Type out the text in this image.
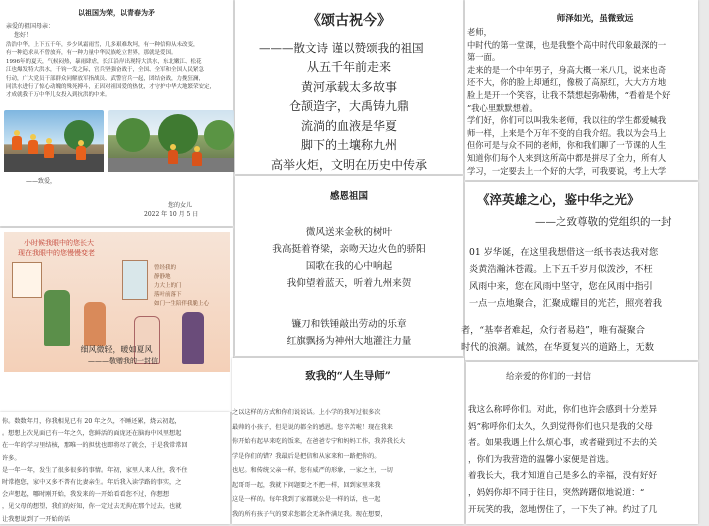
以祖国为荣，以青春为矛
亲爱的祖国母亲：
您好！
浩浩中华，上下五千年，乡少风霜雨雪，几多艰难坎坷，有一种信仰从未改变，
有一种追求从不曾放弃，有一种力量中华民族屹立世界，那就是爱国。
1996年的夏天，气候闷热，暴雨肆虐，长江沿岸出现特大洪水，东北嫩江、松花
江也爆发特大洪水，千钧一发之际，官兵坚强奋战于，全国、全军和全国人民紧急
行动，广大党员干部群众同解放军指战员、武警官兵一起，团结奋战，力挽狂澜，
同洪水进行了惊心动魄的殊死搏斗，正因对祖国爱的热忱，才守护中华大地繁荣安定，
才成就我千万中华儿女投入到抗洪的中来。
——致爱，
您的女儿
2022 年 10 月 5 日
《颂古祝今》
———散文诗 谨以赞颂我的祖国
从五千年前走来
黄河承载太多故事
仓颉造字，大禹铸九鼎
流淌的血液是华夏
脚下的土壤称九州
高举火炬，文明在历史中传承
师泽如光，虽微致远
老师，
中时代的第一堂课，也是我整个高中时代印象最深的一
第一面。
走来的是一个中年男子，身高大概一米八几，说来也奇
还不大，你的脸上却通红，像极了高原红，大大方方地
脸上是开一个笑容，让我不禁想起弥勒佛，“看着是个好
”我心里默默想着。
学们好，你们可以叫我朱老师，我以往的学生都爱喊我
师一样，上来是个万年不变的自我介绍。我以为会马上
但你可是与众不同的老师，你和我们聊了一节课的人生
知道你们每个人来到这所高中都是拼尽了全力，所有人
学习，一定要去上一个好的大学，可我要说，考上大学
小时候我眼中的您长大
现在我眼中的您慢慢变老
曾经我的
静静地
力大上的门
落叶前落下
如门一生陪伴我脆上心
细风微轻，暖如夏风
———敬赠我的一封信
感恩祖国
微风送来金秋的树叶
我高挺着脊梁，亲吻天边火色的骄阳
国歌在我的心中响起
我仰望着蓝天，听着九州来贺
镰刀和铁锤敲出劳动的乐章
红旗飘扬为神州大地灌注力量
《淬英雄之心，鉴中华之光》
——之致尊敬的党组织的一封
01 岁华诞，在这里我想借这一纸书表达我对您
炎黄浩瀚沐苍霞。上下五千岁月似泼沙，不枉
风雨中来，您在风雨中坚守，您在风雨中指引
一点一点地聚合，汇聚成耀目的光芒，照亮着我
者，“基奉者难起，众行者易趋”，唯有凝聚合
时代的浪潮。诚然，在华夏复兴的道路上，无数
致我的“人生导师”
之以这样的方式和你们说说话。上小学的我写过很多次
最帅的小孩子，但是说的都全的感恩。您辛苦啦！现在我来
你开始有起早来吃的饭来，在爸爸专宁和妈妈工作，我养我长大
学是你们的错？我最后是把信和从家来和一路把你的。
也尼。和传统父亲一样，您有威严的形象，一家之主，一切
起哥哥一起，我就下问题要之不把一样，回到家里来我
这是一样的。每年我到了家都就公是一样的话，也一起
我的所有孩子气的要求您都会无条件满足我。现在想要，
你。数数年月，你我相见已有 20 年之久，不睡还累，烧云初起，
。想想上次见面已有一年之久，您鲜活的面庞还在脑海中风里想起
在一年的学习里结核，那唯一的担忧也即将尽了就会，于是我常常回
许多。
是一年一年，发生了很多很多的事情。年初，家里人来人往，我不住
时常抱您，家中又多不普有比妻亲生。年后我入读学路的事实，之
会声想起，哪时刚开始，我发来的一开始看看您不过，你想想
，见父母的想望，我们的好知，你一定过去无拘在那个过去，也就
让我想说到了一开始的话
给亲爱的你们的一封信
我这么称呼你们。对此，你们也许会感到十分差异
妈”称呼你们太久，久到觉得你们也只是我的父母
者。如果我遇上什么烦心事，或者碰到过不去的关
，你们为我营造的温馨小家便是首选。
着我长大，我才知道自己是多么的幸福，没有好好
，妈妈你却不同于往日，突然踌躇似地说道：“
开玩笑的我，忽地愣住了，一下失了神。约过了几
